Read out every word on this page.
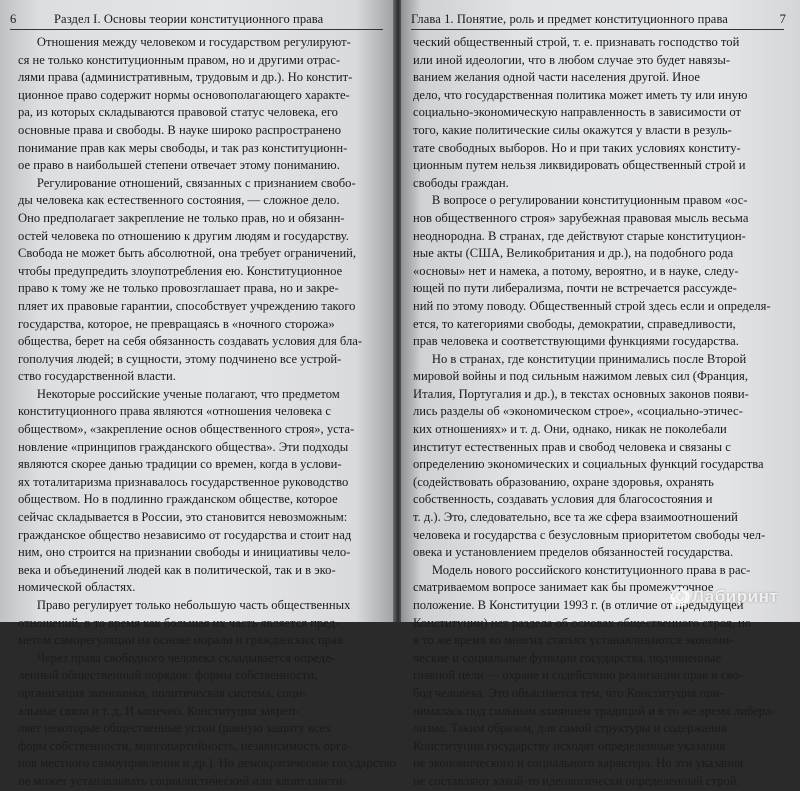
6	Раздел I. Основы теории конституционного права
  Отношения между человеком и государством регулируют-
ся не только конституционным правом, но и другими отрас-
лями права (административным, трудовым и др.). Но констит-
ционное право содержит нормы основополагающего характе-
ра, из которых складываются правовой статус человека, его
основные права и свободы. В науке широко распространено
понимание прав как меры свободы, и так раз конституционн-
ое право в наибольшей степени отвечает этому пониманию.
  Регулирование отношений, связанных с признанием свобо-
ды человека как естественного состояния, — сложное дело.
Оно предполагает закрепление не только прав, но и обязанн-
остей человека по отношению к другим людям и государству.
Свобода не может быть абсолютной, она требует ограничений,
чтобы предупредить злоупотребления ею. Конституционное
право к тому же не только провозглашает права, но и закре-
пляет их правовые гарантии, способствует учреждению такого
государства, которое, не превращаясь в «ночного сторожа»
общества, берет на себя обязанность создавать условия для бла-
гополучия людей; в сущности, этому подчинено все устрой-
ство государственной власти.
  Некоторые российские ученые полагают, что предметом
конституционного права являются «отношения человека с
обществом», «закрепление основ общественного строя», уста-
новление «принципов гражданского общества». Эти подходы
являются скорее данью традиции со времен, когда в услови-
ях тоталитаризма признавалось государственное руководство
обществом. Но в подлинно гражданском обществе, которое
сейчас складывается в России, это становится невозможным:
гражданское общество независимо от государства и стоит над
ним, оно строится на признании свободы и инициативы чело-
века и объединений людей как в политической, так и в эко-
номической областях.
  Право регулирует только небольшую часть общественных
отношений, в то время как большая их часть является пред-
метом саморегуляции на основе морали и гражданских прав.
  Через права свободного человека складывается опреде-
ленный общественный порядок: формы собственности,
организация экономики, политическая система, соци-
альные связи и т. д. И конечно, Конституция закреп-
ляет некоторые общественные устои (равную защиту всех
форм собственности, многопартийность, независимость орга-
нов местного самоуправления и др.). Но демократическое государство
не может устанавливать социалистический или капиталисти-
Глава 1. Понятие, роль и предмет конституционного права	7
ческий общественный строй, т. е. признавать господство той
или иной идеологии, что в любом случае это будет навязы-
ванием желания одной части населения другой. Иное
дело, что государственная политика может иметь ту или иную
социально-экономическую направленность в зависимости от
того, какие политические силы окажутся у власти в резуль-
тате свободных выборов. Но и при таких условиях конститу-
ционным путем нельзя ликвидировать общественный строй и
свободы граждан.
  В вопросе о регулировании конституционным правом «ос-
нов общественного строя» зарубежная правовая мысль весьма
неоднородна. В странах, где действуют старые конституцион-
ные акты (США, Великобритания и др.), на подобного рода
«основы» нет и намека, а потому, вероятно, и в науке, следу-
ющей по пути либерализма, почти не встречается рассужде-
ний по этому поводу. Общественный строй здесь если и определя-
ется, то категориями свободы, демократии, справедливости,
прав человека и соответствующими функциями государства.
  Но в странах, где конституции принимались после Второй
мировой войны и под сильным нажимом левых сил (Франция,
Италия, Португалия и др.), в текстах основных законов появи-
лись разделы об «экономическом строе», «социально-этичес-
ких отношениях» и т. д. Они, однако, никак не поколебали
институт естественных прав и свобод человека и связаны с
определению экономических и социальных функций государства
(содействовать образованию, охране здоровья, охранять
собственность, создавать условия для благосостояния и
т. д.). Это, следовательно, все та же сфера взаимоотношений
человека и государства с безусловным приоритетом свободы чел-
овека и установлением пределов обязанностей государства.
  Модель нового российского конституционного права в рас-
сматриваемом вопросе занимает как бы промежуточное
положение. В Конституции 1993 г. (в отличие от предыдущей
Конституции) нет раздела об основах общественного строя, но
в то же время во многих статьях устанавливаются экономи-
ческие и социальные функции государства, подчиненные
главной цели — охране и содействию реализации прав и сво-
бод человека. Это объясняется тем, что Конституция при-
нималась под сильным влиянием традиций и в то же время либера-
лизма. Таким образом, для самой структуры и содержания
Конституции государству исходят определенные указания
не экономического и социального характера. Но эти указания
не составляют какой-то идеологически определенный строй.
Лабиринт
